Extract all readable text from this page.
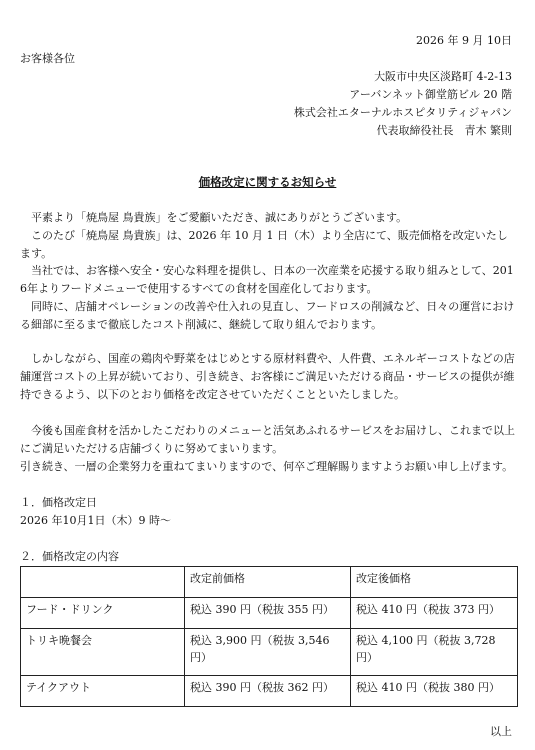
2026 年 9 月 10日
お客様各位
大阪市中央区淡路町 4-2-13
アーバンネット御堂筋ビル 20 階
株式会社エターナルホスピタリティジャパン
代表取締役社長　青木 繁則
価格改定に関するお知らせ
　平素より「焼鳥屋 鳥貴族」をご愛顧いただき、誠にありがとうございます。
　このたび「焼鳥屋 鳥貴族」は、2026 年 10 月 1 日（木）より全店にて、販売価格を改定いたします。
　当社では、お客様へ安全・安心な料理を提供し、日本の一次産業を応援する取り組みとして、2016年よりフードメニューで使用するすべての食材を国産化しております。
　同時に、店舗オペレーションの改善や仕入れの見直し、フードロスの削減など、日々の運営における細部に至るまで徹底したコスト削減に、継続して取り組んでおります。
　しかしながら、国産の鶏肉や野菜をはじめとする原材料費や、人件費、エネルギーコストなどの店舗運営コストの上昇が続いており、引き続き、お客様にご満足いただける商品・サービスの提供が維持できるよう、以下のとおり価格を改定させていただくことといたしました。
　今後も国産食材を活かしたこだわりのメニューと活気あふれるサービスをお届けし、これまで以上にご満足いただける店舗づくりに努めてまいります。
引き続き、一層の企業努力を重ねてまいりますので、何卒ご理解賜りますようお願い申し上げます。
１．価格改定日
2026 年10月1日（木）9 時～
２．価格改定の内容
	改定前価格	改定後価格
フード・ドリンク	税込 390 円（税抜 355 円）	税込 410 円（税抜 373 円）
トリキ晩餐会	税込 3,900 円（税抜 3,546 円）	税込 4,100 円（税抜 3,728 円）
テイクアウト	税込 390 円（税抜 362 円）	税込 410 円（税抜 380 円）
以上
